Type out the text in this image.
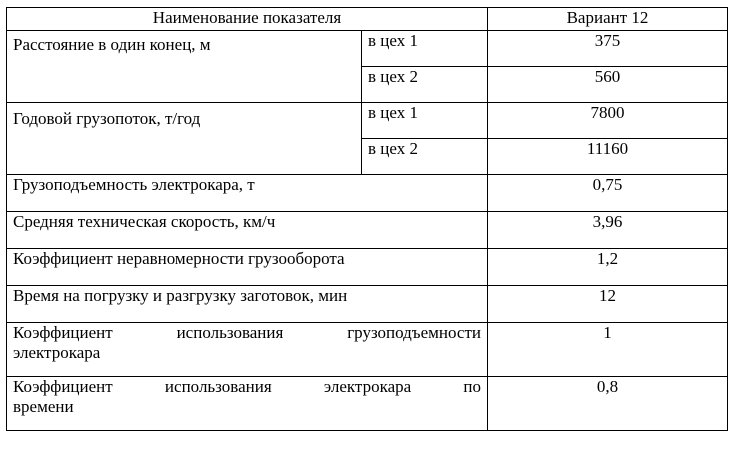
Наименование показателя		Вариант 12
Расстояние в один конец, м	в цех 1	375
	в цех 2	560
Годовой грузопоток, т/год	в цех 1	7800
	в цех 2	11160
Грузоподъемность электрокара, т		0,75
Средняя техническая скорость, км/ч		3,96
Коэффициент неравномерности грузооборота		1,2
Время на погрузку и разгрузку заготовок, мин		12

Коэффициент использования грузоподъемности
электрокара		1

Коэффициент использования электрокара по
времени		0,8
